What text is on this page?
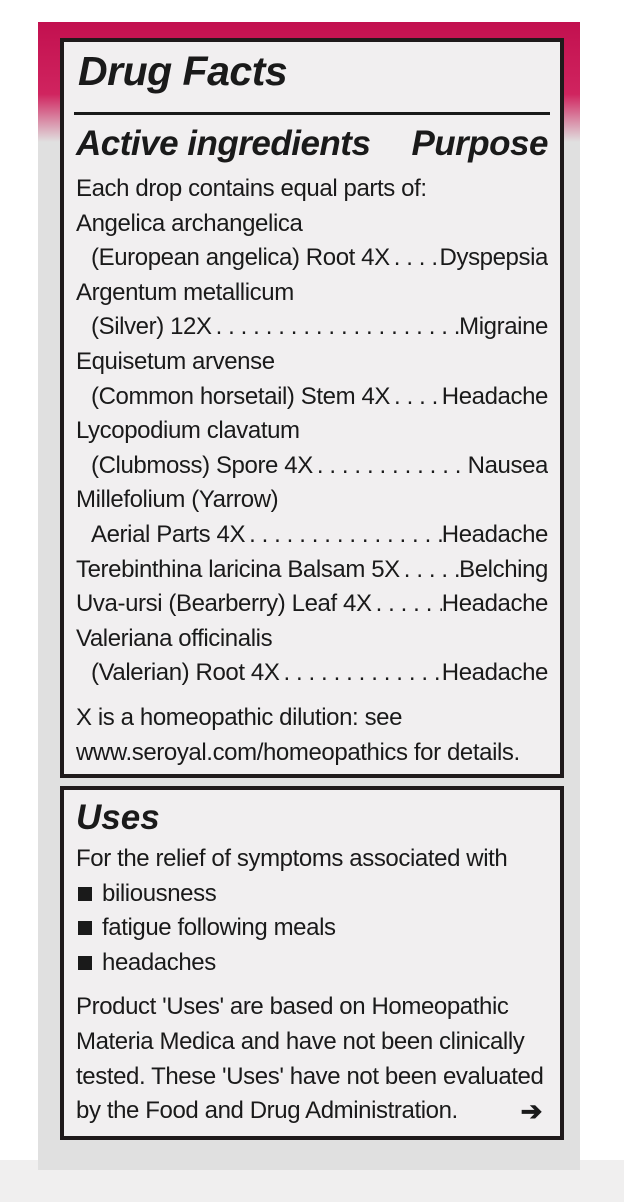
Drug Facts
Active ingredients Purpose
Each drop contains equal parts of:
Angelica archangelica
(European angelica) Root 4X . . . Dyspepsia
Argentum metallicum
(Silver) 12X . . .	Migraine
Equisetum arvense
(Common horsetail) Stem 4X . . . Headache
Lycopodium clavatum
(Clubmoss) Spore 4X . . .	Nausea
Millefolium (Yarrow)
Aerial Parts 4X . . .	Headache
Terebinthina laricina Balsam 5X . . . Belching
Uva-ursi (Bearberry) Leaf 4X . . .	Headache
Valeriana officinalis
(Valerian) Root 4X . . .	Headache
X is a homeopathic dilution: see
www.seroyal.com/homeopathics for details.
Uses
For the relief of symptoms associated with
biliousness
fatigue following meals
headaches
Product 'Uses' are based on Homeopathic
Materia Medica and have not been clinically
tested. These 'Uses' have not been evaluated
by the Food and Drug Administration. ➔
